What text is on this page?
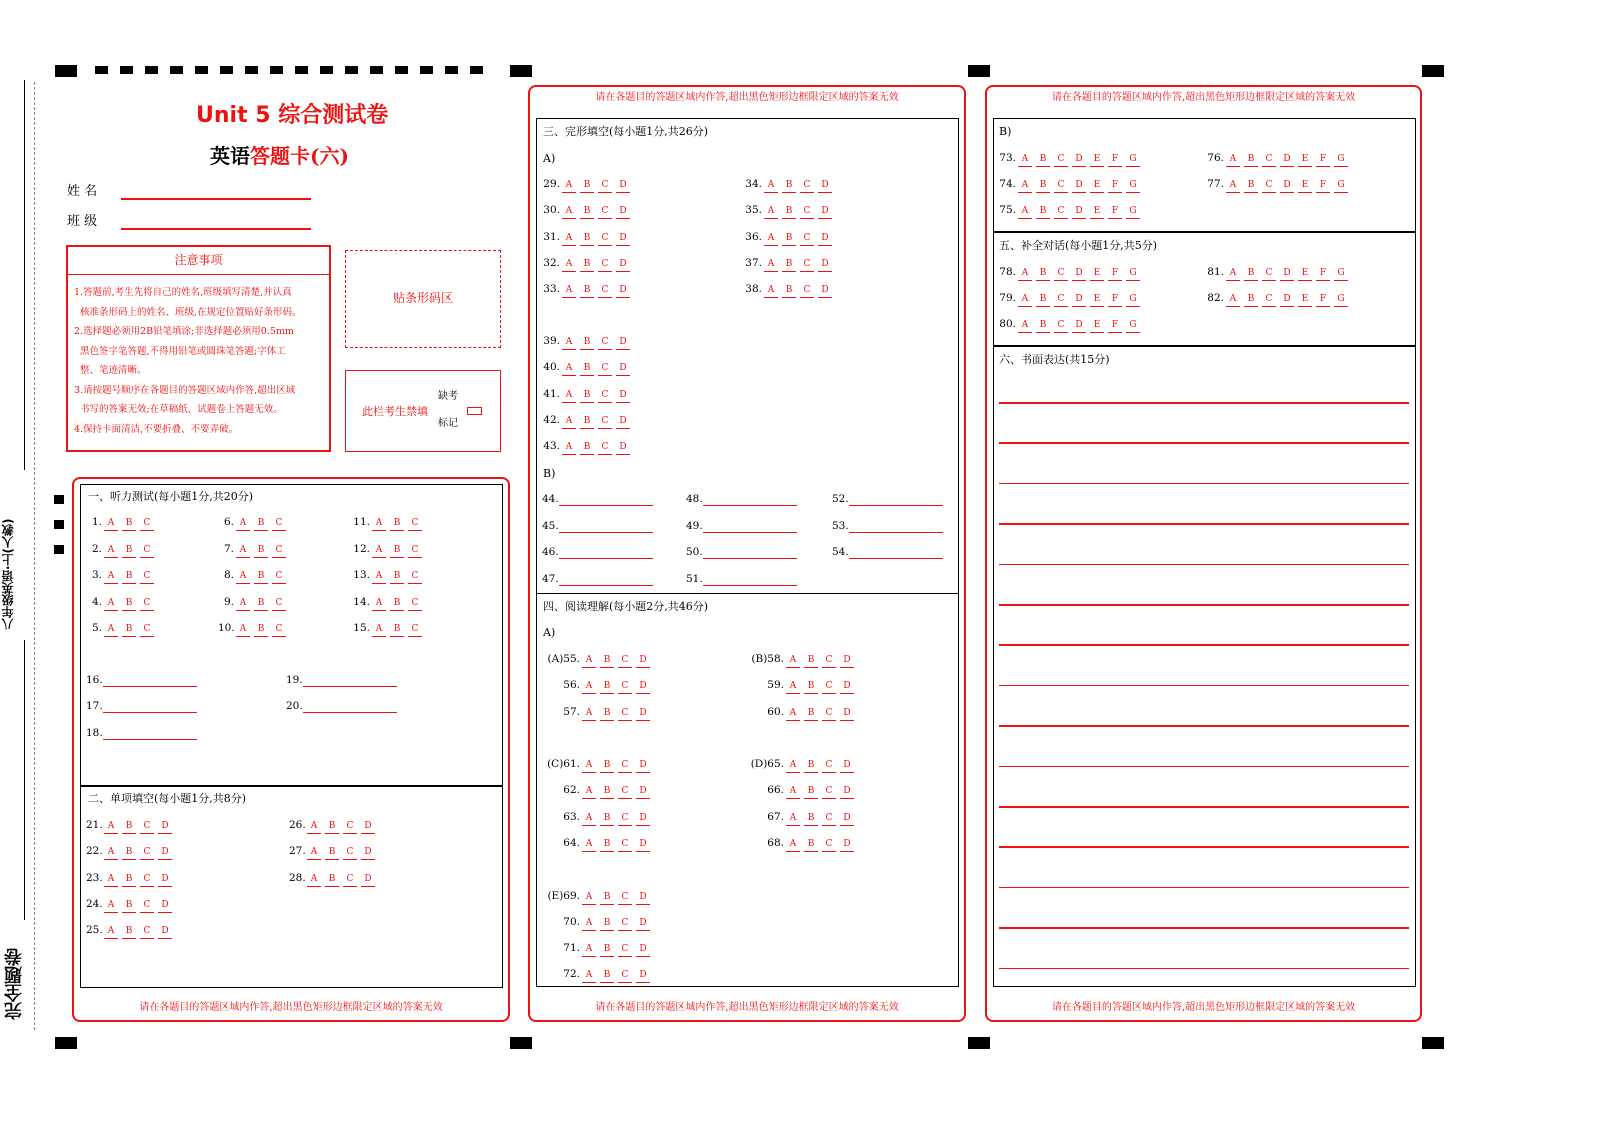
八年级英语·上(人教)
完全题卷
Unit 5 综合测试卷
英语答题卡(六)
姓 名
班 级
注意事项
1.答题前,考生先将自己的姓名,班级填写清楚,并认真
核准条形码上的姓名、班级,在规定位置贴好条形码。
2.选择题必须用2B铅笔填涂;非选择题必须用0.5mm
黑色签字笔答题,不得用铅笔或圆珠笔答题;字体工
整、笔迹清晰。
3.请按题号顺序在各题目的答题区域内作答,超出区域
书写的答案无效;在草稿纸、试题卷上答题无效。
4.保持卡面清洁,不要折叠、不要弄破。
贴条形码区
此栏考生禁填
缺考
标记
请在各题目的答题区域内作答,超出黑色矩形边框限定区域的答案无效
一、听力测试(每小题1分,共20分)
1. A B C
2. A B C
3. A B C
4. A B C
5. A B C
6. A B C
7. A B C
8. A B C
9. A B C
10. A B C
11. A B C
12. A B C
13. A B C
14. A B C
15. A B C
16.
17.
18.
19.
20.
二、单项填空(每小题1分,共8分)
21. A B C D
22. A B C D
23. A B C D
24. A B C D
25. A B C D
26. A B C D
27. A B C D
28. A B C D
请在各题目的答题区域内作答,超出黑色矩形边框限定区域的答案无效
请在各题目的答题区域内作答,超出黑色矩形边框限定区域的答案无效
三、完形填空(每小题1分,共26分)
A)
B)
29. A B C D
30. A B C D
31. A B C D
32. A B C D
33. A B C D
34. A B C D
35. A B C D
36. A B C D
37. A B C D
38. A B C D
39. A B C D
40. A B C D
41. A B C D
42. A B C D
43. A B C D
44.
45.
46.
47.
48.
49.
50.
51.
52.
53.
54.
四、阅读理解(每小题2分,共46分)
A)
(A)55. A B C D
56. A B C D
57. A B C D
(B)58. A B C D
59. A B C D
60. A B C D
(C)61. A B C D
62. A B C D
63. A B C D
64. A B C D
(D)65. A B C D
66. A B C D
67. A B C D
68. A B C D
(E)69. A B C D
70. A B C D
71. A B C D
72. A B C D
请在各题目的答题区域内作答,超出黑色矩形边框限定区域的答案无效
请在各题目的答题区域内作答,超出黑色矩形边框限定区域的答案无效
B)
73. A B C D E F G
74. A B C D E F G
75. A B C D E F G
76. A B C D E F G
77. A B C D E F G
五、补全对话(每小题1分,共5分)
78. A B C D E F G
79. A B C D E F G
80. A B C D E F G
81. A B C D E F G
82. A B C D E F G
六、书面表达(共15分)
